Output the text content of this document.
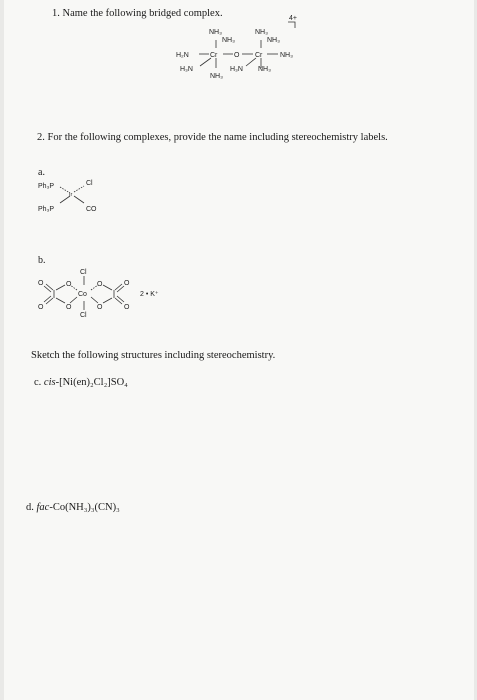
1. Name the following bridged complex.	4+
NH₃
NH₃
H₂N	Cr O
H₃N
NH₃
NH₃
NH₃
Cr	NH₃
H₃N NH₃
2. For the following complexes, provide the name including stereochemistry labels.
a.
Ph₃P	Cl
Ir
Ph₃P	CO
b.
Cl
Co
Cl
O
O
O
O
O
O
O
O
2 • K⁺
Sketch the following structures including stereochemistry.
c. cis-[Ni(en)₂Cl₂]SO₄
d. fac-Co(NH₃)₃(CN)₃
